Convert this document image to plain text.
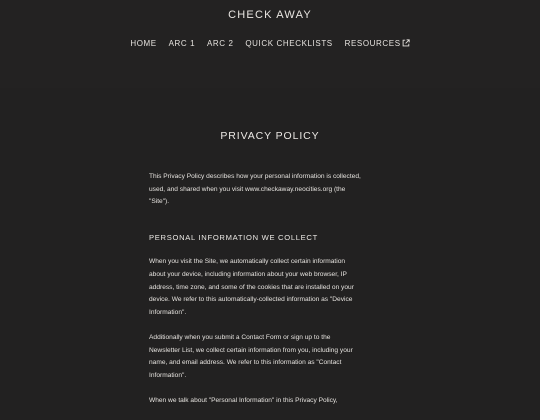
CHECK AWAY
HOME ARC 1 ARC 2 QUICK CHECKLISTS RESOURCES
PRIVACY POLICY

This Privacy Policy describes how your personal information is collected,
used, and shared when you visit www.checkaway.neocities.org (the
"Site").

PERSONAL INFORMATION WE COLLECT

When you visit the Site, we automatically collect certain information
about your device, including information about your web browser, IP
address, time zone, and some of the cookies that are installed on your
device. We refer to this automatically-collected information as "Device
Information".

Additionally when you submit a Contact Form or sign up to the
Newsletter List, we collect certain information from you, including your
name, and email address. We refer to this information as "Contact
Information".

When we talk about "Personal Information" in this Privacy Policy,
